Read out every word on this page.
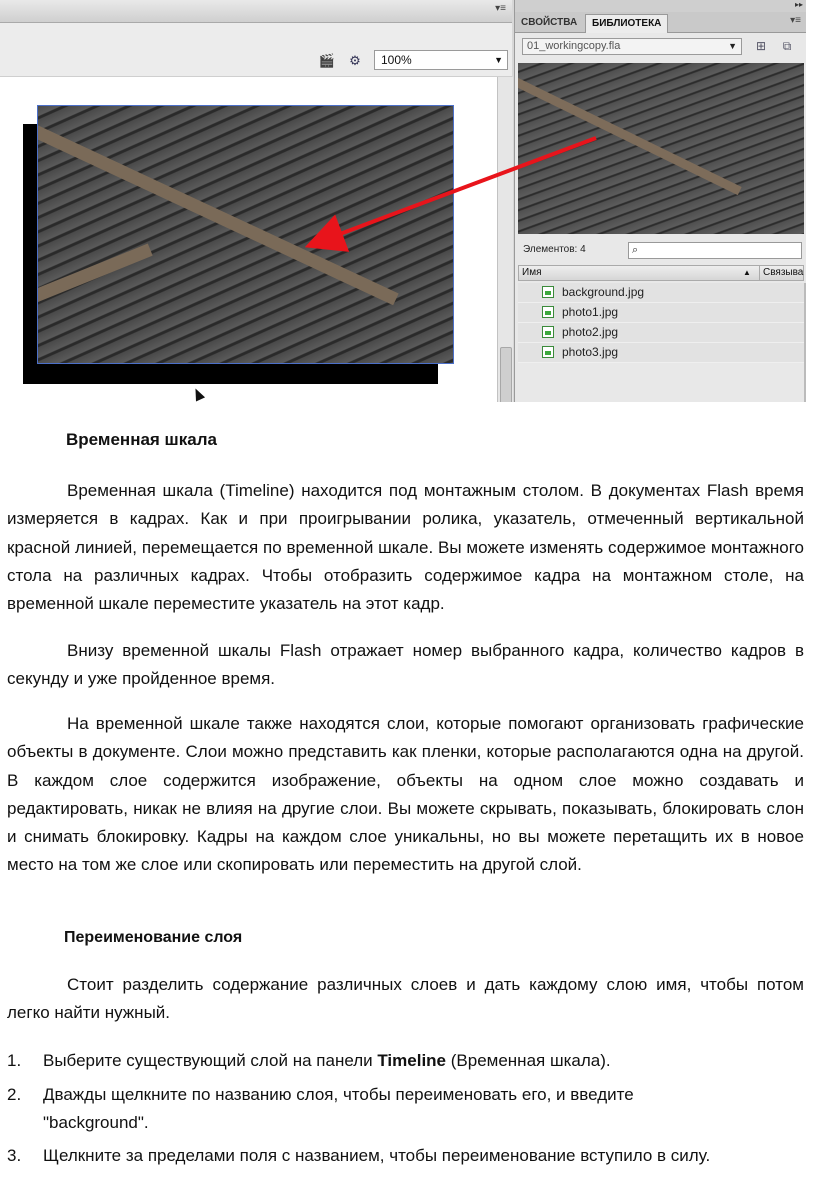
▾≡
🎬	⚙	100%	▼
▸▸
СВОЙСТВА	БИБЛИОТЕКА	▾≡
01_workingcopy.fla	▼ ⊞	⧉
Элементов: 4	⌕
Имя	▲	Связыва
background.jpg
photo1.jpg
photo2.jpg
photo3.jpg
Временная шкала
Временная шкала (Timeline) находится под монтажным столом. В документах Flash время измеряется в кадрах. Как и при проигрывании ролика, указатель, отмеченный вертикальной красной линией, перемещается по временной шкале. Вы можете изменять содержимое монтажного стола на различных кадрах. Чтобы отобразить содержимое кадра на монтажном столе, на временной шкале переместите указатель на этот кадр.
Внизу временной шкалы Flash отражает номер выбранного кадра, количество кадров в секунду и уже пройденное время.
На временной шкале также находятся слои, которые помогают организовать графические объекты в документе. Слои можно представить как пленки, которые располагаются одна на другой. В каждом слое содержится изображение, объекты на одном слое можно создавать и редактировать, никак не влияя на другие слои. Вы можете скрывать, показывать, блокировать слон и снимать блокировку. Кадры на каждом слое уникальны, но вы можете перетащить их в новое место на том же слое или скопировать или переместить на другой слой.
Переименование слоя
Стоит разделить содержание различных слоев и дать каждому слою имя, чтобы потом легко найти нужный.
1.	Выберите существующий слой на панели Timeline (Временная шкала).
2.	Дважды щелкните по названию слоя, чтобы переименовать его, и введите "background".
3.	Щелкните за пределами поля с названием, чтобы переименование вступило в силу.
